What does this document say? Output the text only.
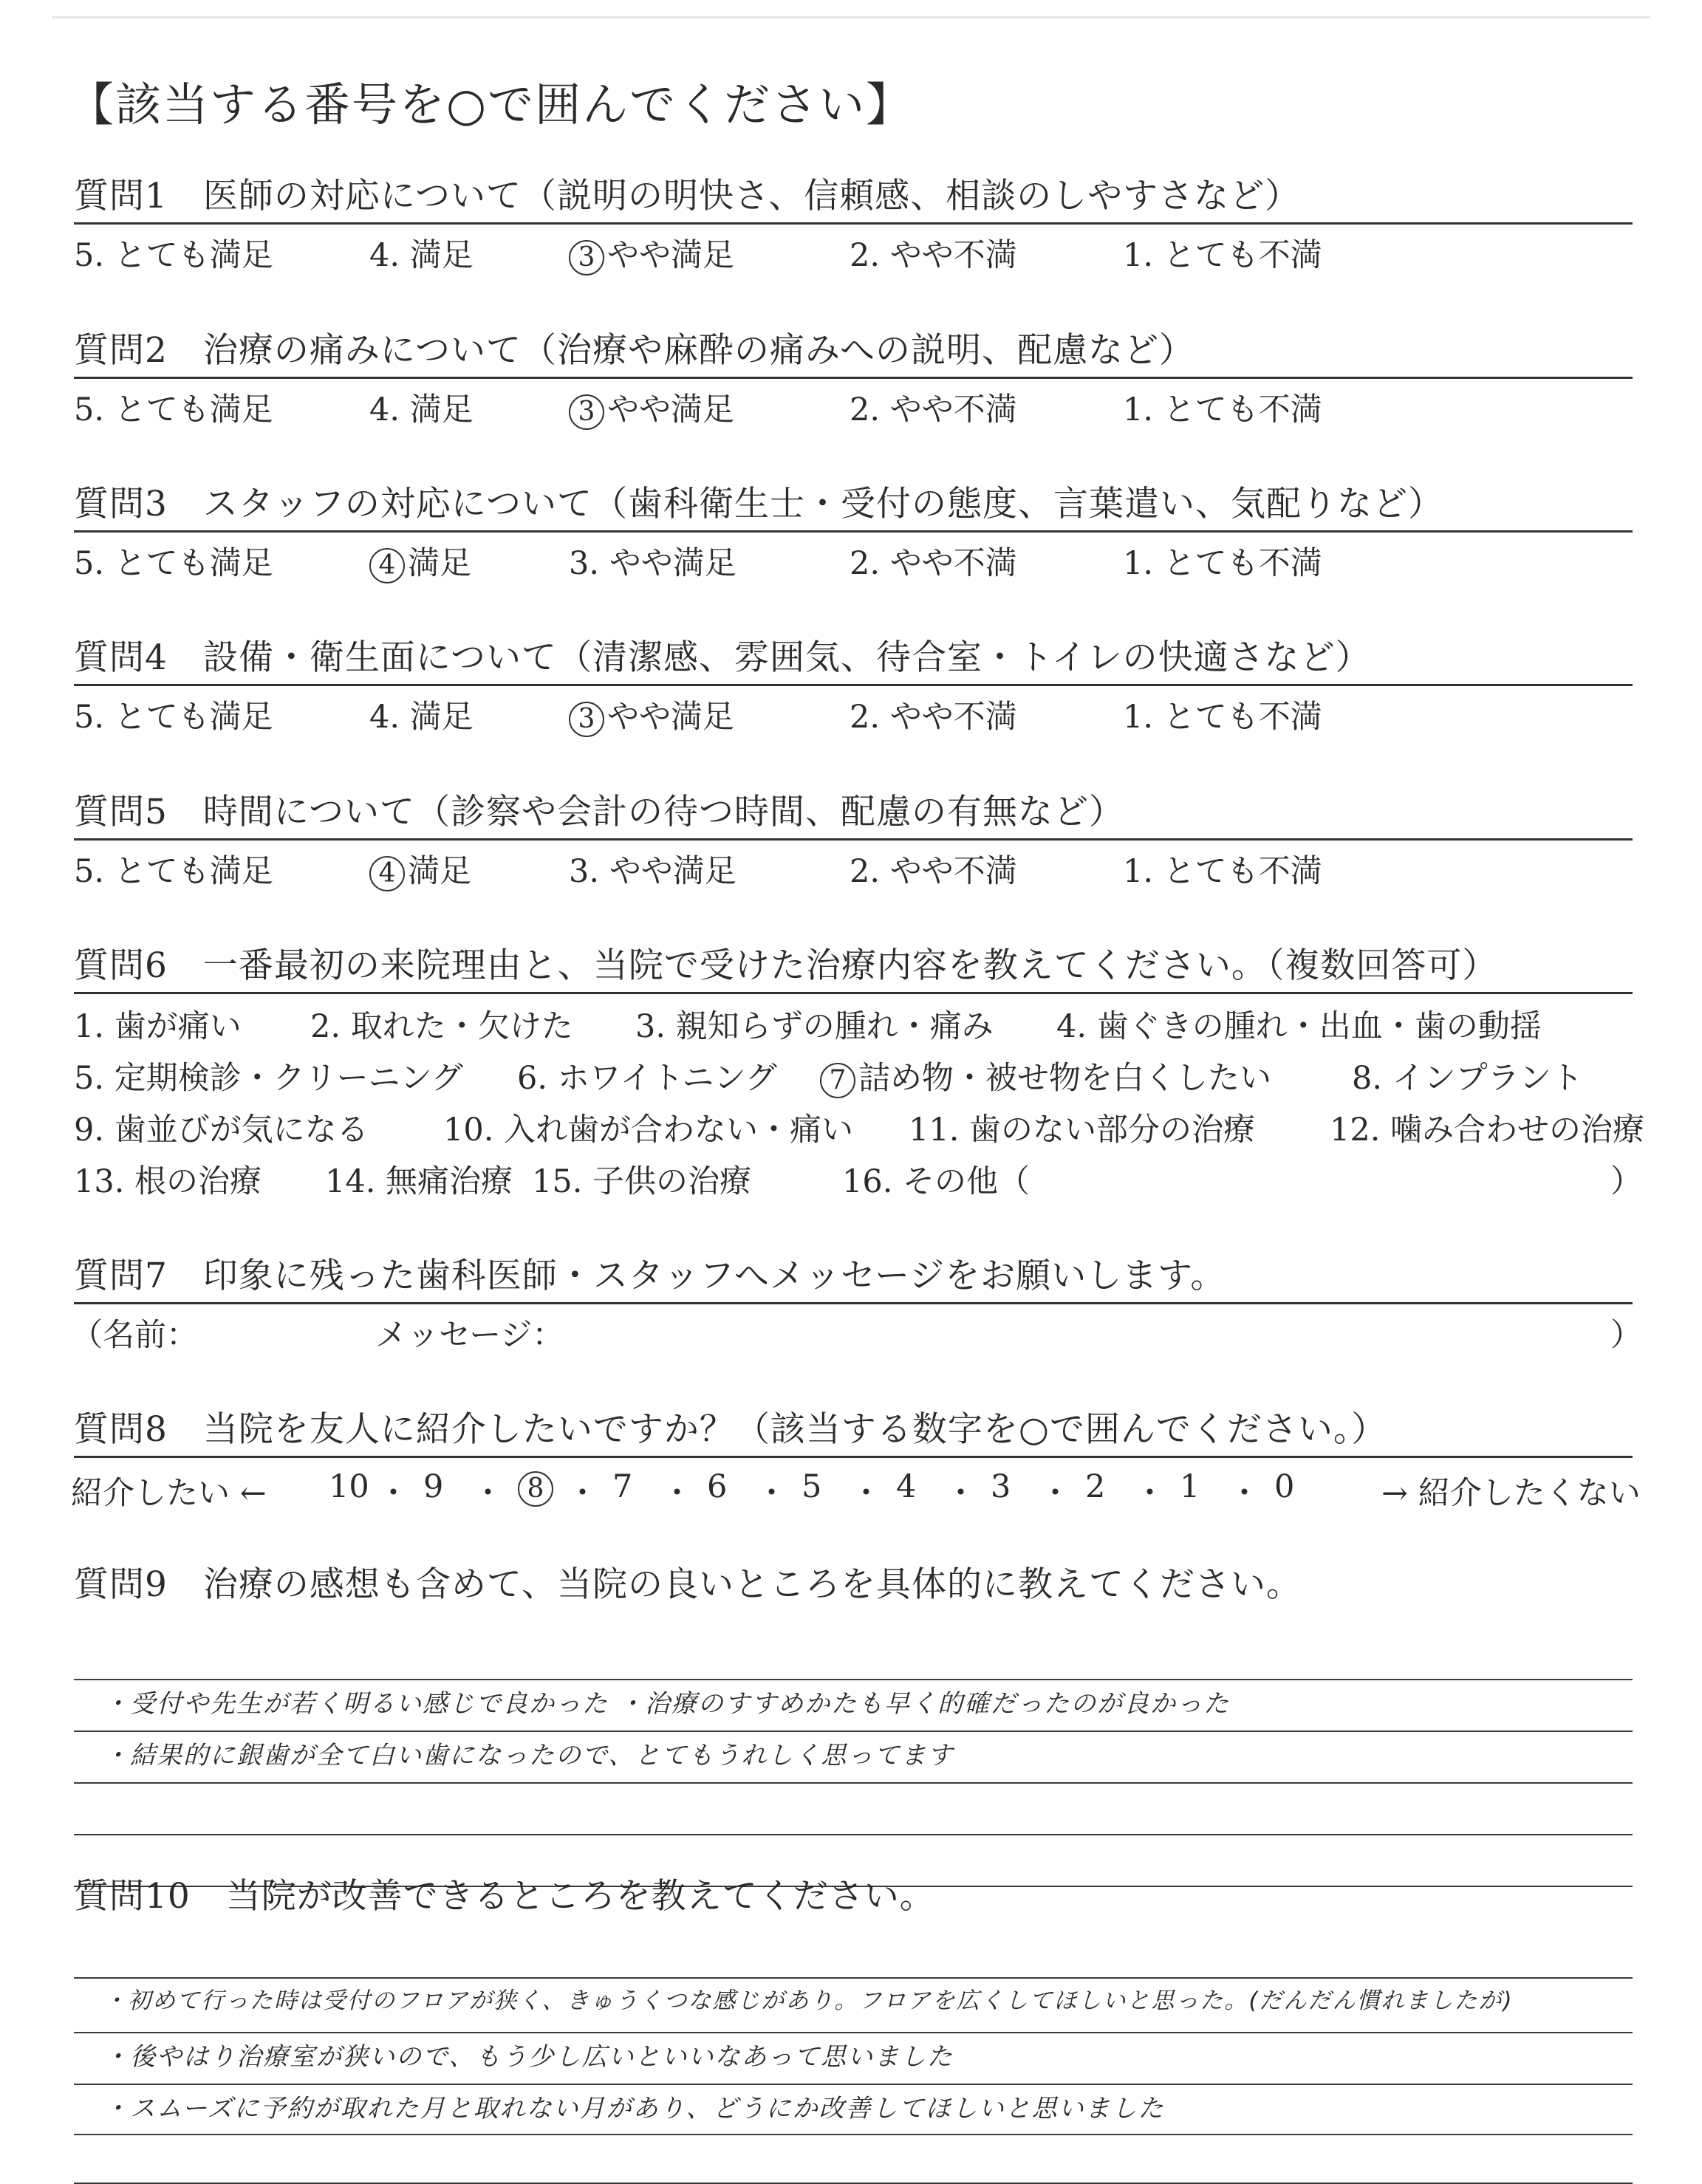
【該当する番号を○で囲んでください】
質問1　医師の対応について（説明の明快さ、信頼感、相談のしやすさなど）
5. とても満足	4. 満足	3 やや満足	2. やや不満	1. とても不満
質問2　治療の痛みについて（治療や麻酔の痛みへの説明、配慮など）
5. とても満足	4. 満足	3 やや満足	2. やや不満	1. とても不満
質問3　スタッフの対応について（歯科衛生士・受付の態度、言葉遣い、気配りなど）
5. とても満足	4 満足	3. やや満足	2. やや不満	1. とても不満
質問4　設備・衛生面について（清潔感、雰囲気、待合室・トイレの快適さなど）
5. とても満足	4. 満足	3 やや満足	2. やや不満	1. とても不満
質問5　時間について（診察や会計の待つ時間、配慮の有無など）
5. とても満足	4 満足	3. やや満足	2. やや不満	1. とても不満
質問6　一番最初の来院理由と、当院で受けた治療内容を教えてください。（複数回答可）
1. 歯が痛い 2. 取れた・欠けた 3. 親知らずの腫れ・痛み 4. 歯ぐきの腫れ・出血・歯の動揺
5. 定期検診・クリーニング 6. ホワイトニング	7 詰め物・被せ物を白くしたい	8. インプラント
9. 歯並びが気になる 10. 入れ歯が合わない・痛い 11. 歯のない部分の治療 12. 噛み合わせの治療
13. 根の治療 14. 無痛治療 15. 子供の治療	16. その他（	）
質問7　印象に残った歯科医師・スタッフへメッセージをお願いします。
（名前：	メッセージ：	）
質問8　当院を友人に紹介したいですか？（該当する数字を○で囲んでください。）
紹介したい ←	→ 紹介したくない
10 ・ 9 ・ 8 ・ 7 ・ 6 ・ 5 ・ 4 ・ 3 ・ 2 ・ 1 ・ 0
質問9　治療の感想も含めて、当院の良いところを具体的に教えてください。
・受付や先生が若く明るい感じで良かった ・治療のすすめかたも早く的確だったのが良かった
・結果的に銀歯が全て白い歯になったので、とてもうれしく思ってます
質問10　当院が改善できるところを教えてください。
・初めて行った時は受付のフロアが狭く、きゅうくつな感じがあり。フロアを広くしてほしいと思った。(だんだん慣れましたが)
・後やはり治療室が狭いので、もう少し広いといいなあって思いました
・スムーズに予約が取れた月と取れない月があり、どうにか改善してほしいと思いました
